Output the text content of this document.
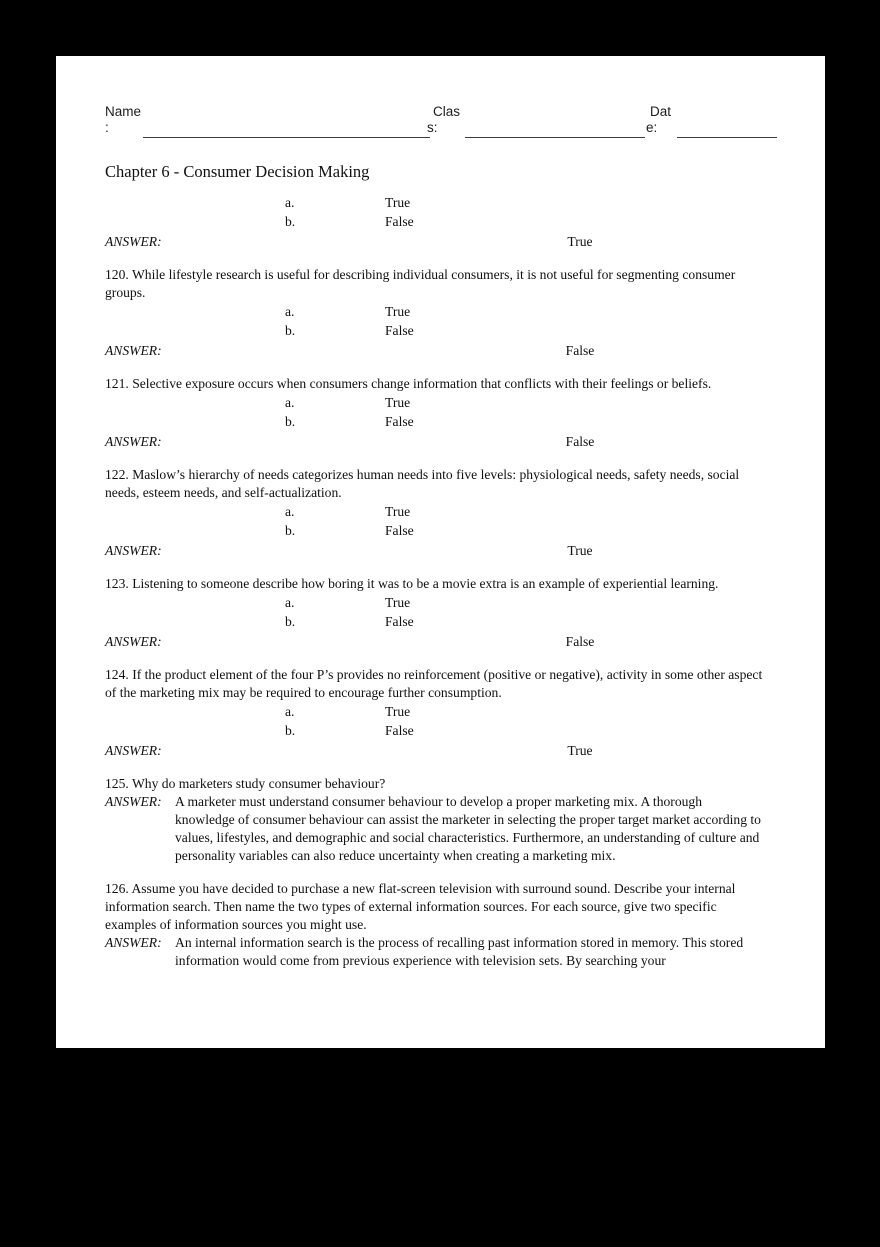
Name
:
Clas
s:
Dat
e:
Chapter 6 - Consumer Decision Making
a.	True
b.	False
ANSWER:	True

120. While lifestyle research is useful for describing individual consumers, it is not useful for segmenting consumer groups.

a.	True
b.	False
ANSWER:	False

121. Selective exposure occurs when consumers change information that conflicts with their feelings or beliefs.

a.	True
b.	False
ANSWER:	False

122. Maslow’s hierarchy of needs categorizes human needs into five levels: physiological needs, safety needs, social needs, esteem needs, and self-actualization.

a.	True
b.	False
ANSWER:	True

123. Listening to someone describe how boring it was to be a movie extra is an example of experiential learning.

a.	True
b.	False
ANSWER:	False

124. If the product element of the four P’s provides no reinforcement (positive or negative), activity in some other aspect of the marketing mix may be required to encourage further consumption.

a.	True
b.	False
ANSWER:	True

125. Why do marketers study consumer behaviour?

ANSWER: A marketer must understand consumer behaviour to develop a proper marketing mix. A thorough knowledge of consumer behaviour can assist the marketer in selecting the proper target market according to values, lifestyles, and demographic and social characteristics. Furthermore, an understanding of culture and personality variables can also reduce uncertainty when creating a marketing mix.

126. Assume you have decided to purchase a new flat-screen television with surround sound. Describe your internal information search. Then name the two types of external information sources. For each source, give two specific examples of information sources you might use.

ANSWER: An internal information search is the process of recalling past information stored in memory. This stored information would come from previous experience with television sets. By searching your
